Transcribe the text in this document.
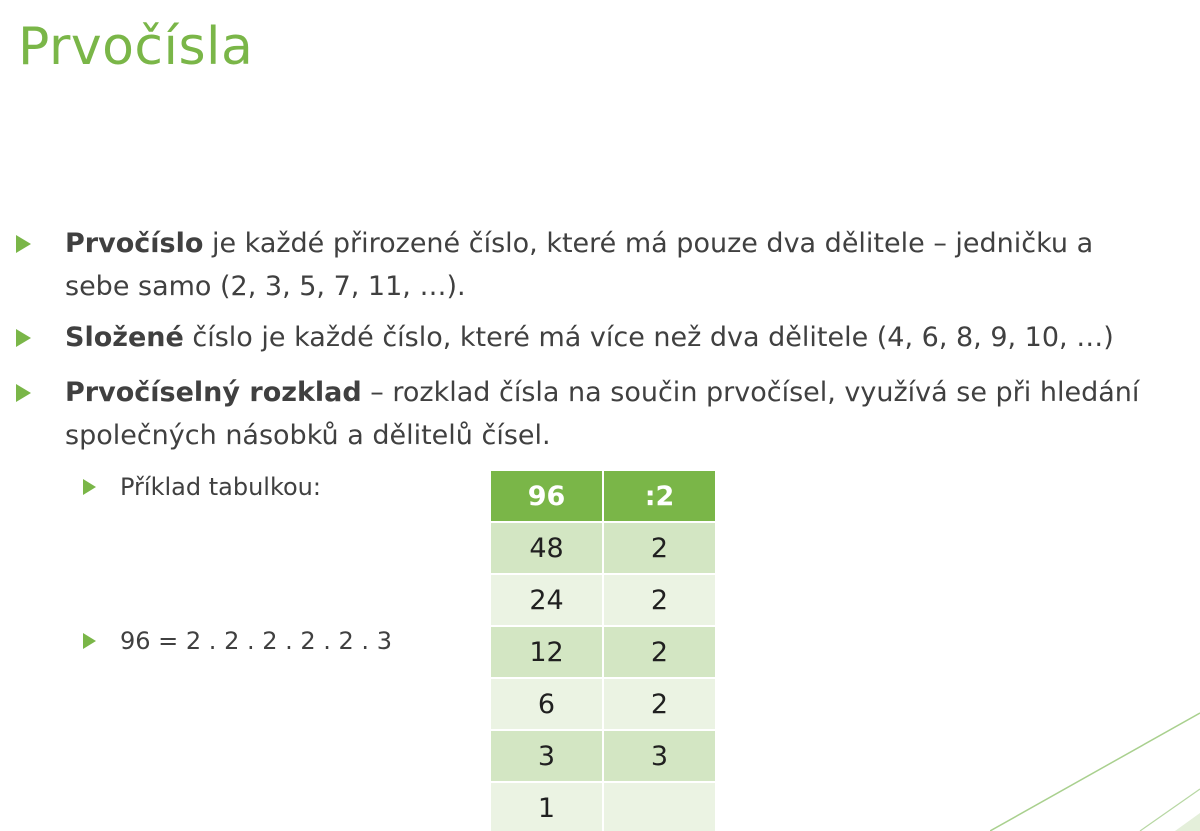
Prvočísla
Prvočíslo je každé přirozené číslo, které má pouze dva dělitele – jedničku a
sebe samo (2, 3, 5, 7, 11, …).
Složené číslo je každé číslo, které má více než dva dělitele (4, 6, 8, 9, 10, …)
Prvočíselný rozklad – rozklad čísla na součin prvočísel, využívá se při hledání
společných násobků a dělitelů čísel.
Příklad tabulkou:
96 = 2 . 2 . 2 . 2 . 2 . 3
96	:2
48	2
24	2
12	2
6	2
3	3
1	
